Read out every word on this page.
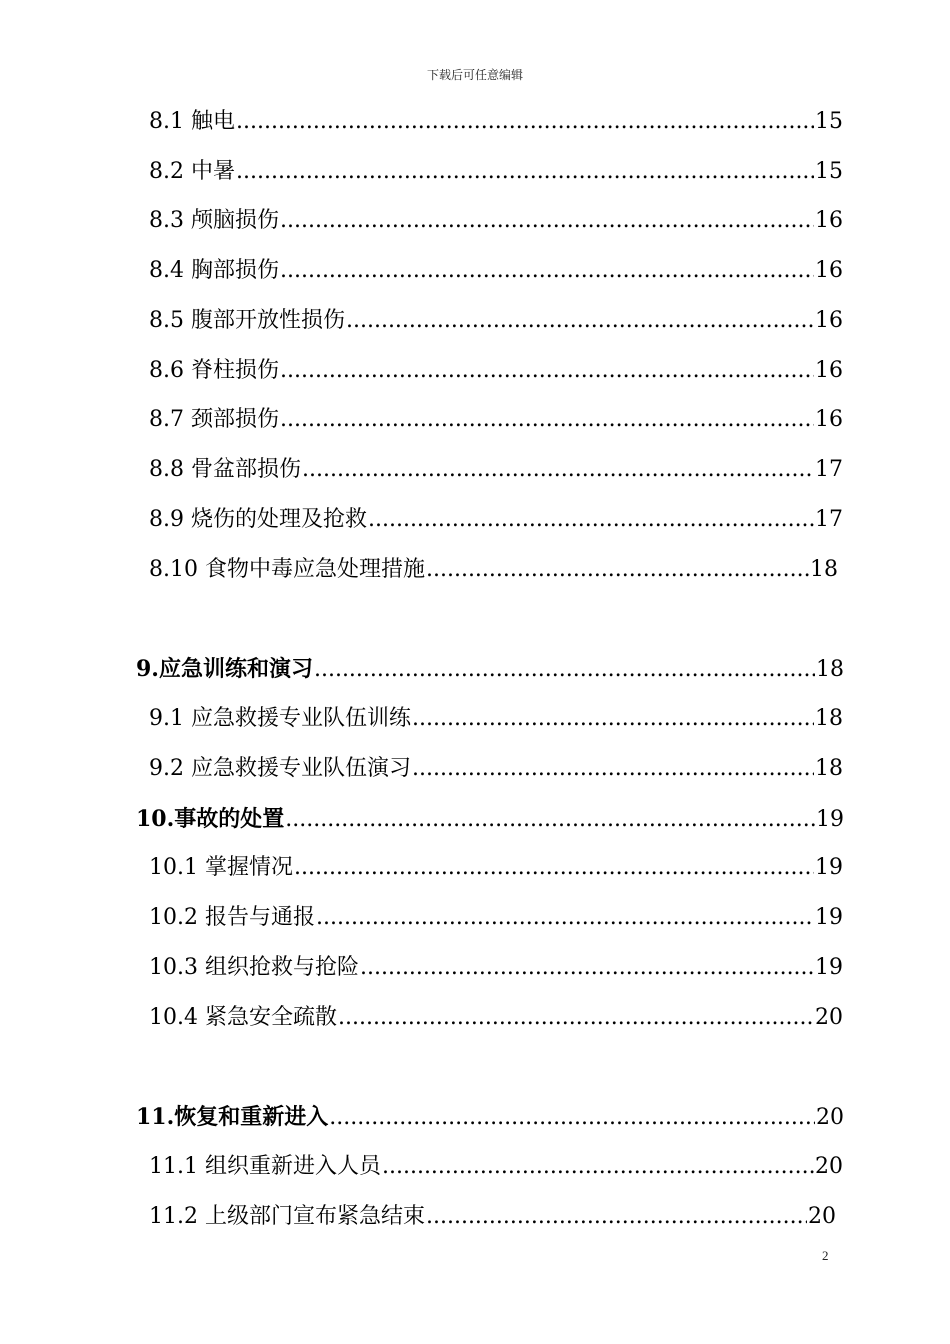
下载后可任意编辑
8.1 触电 .....	15
8.2 中暑 .....	15
8.3 颅脑损伤 .....	16
8.4 胸部损伤 .....	16
8.5 腹部开放性损伤 .....	16
8.6 脊柱损伤 .....	16
8.7 颈部损伤 .....	16
8.8 骨盆部损伤 .....	17
8.9 烧伤的处理及抢救 .....	17
8.10 食物中毒应急处理措施 .....	18
9.应急训练和演习 .....	18
9.1 应急救援专业队伍训练 .....	18
9.2 应急救援专业队伍演习 .....	18
10.事故的处置 .....	19
10.1 掌握情况 .....	19
10.2 报告与通报 .....	19
10.3 组织抢救与抢险 .....	19
10.4 紧急安全疏散 .....	20
11.恢复和重新进入 .....	20
11.1 组织重新进入人员 .....	20
11.2 上级部门宣布紧急结束 .....	20
2
